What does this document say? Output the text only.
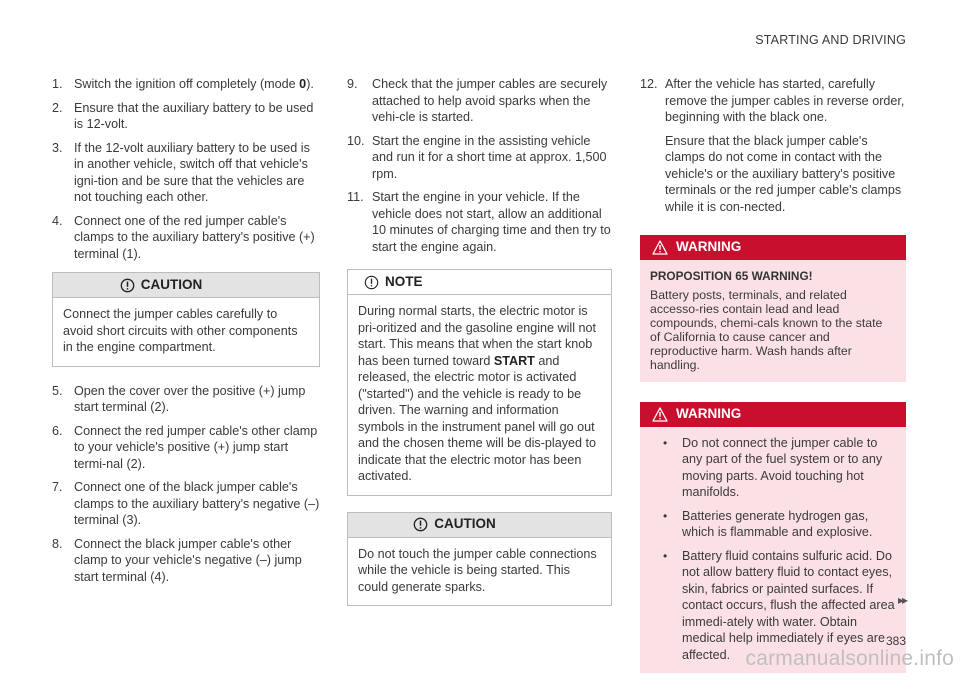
STARTING AND DRIVING
1. Switch the ignition off completely (mode 0).
2. Ensure that the auxiliary battery to be used is 12-volt.
3. If the 12-volt auxiliary battery to be used is in another vehicle, switch off that vehicle's igni-tion and be sure that the vehicles are not touching each other.
4. Connect one of the red jumper cable's clamps to the auxiliary battery's positive (+) terminal (1).
CAUTION
Connect the jumper cables carefully to avoid short circuits with other components in the engine compartment.
5. Open the cover over the positive (+) jump start terminal (2).
6. Connect the red jumper cable's other clamp to your vehicle's positive (+) jump start termi-nal (2).
7. Connect one of the black jumper cable's clamps to the auxiliary battery's negative (–) terminal (3).
8. Connect the black jumper cable's other clamp to your vehicle's negative (–) jump start terminal (4).
9. Check that the jumper cables are securely attached to help avoid sparks when the vehi-cle is started.
10. Start the engine in the assisting vehicle and run it for a short time at approx. 1,500 rpm.
11. Start the engine in your vehicle. If the vehicle does not start, allow an additional 10 minutes of charging time and then try to start the engine again.
NOTE
During normal starts, the electric motor is pri-oritized and the gasoline engine will not start. This means that when the start knob has been turned toward START and released, the electric motor is activated ("started") and the vehicle is ready to be driven. The warning and information symbols in the instrument panel will go out and the chosen theme will be dis-played to indicate that the electric motor has been activated.
CAUTION
Do not touch the jumper cable connections while the vehicle is being started. This could generate sparks.
12. After the vehicle has started, carefully remove the jumper cables in reverse order, beginning with the black one.
Ensure that the black jumper cable's clamps do not come in contact with the vehicle's or the auxiliary battery's positive terminals or the red jumper cable's clamps while it is con-nected.
WARNING
PROPOSITION 65 WARNING!
Battery posts, terminals, and related accesso-ries contain lead and lead compounds, chemi-cals known to the state of California to cause cancer and reproductive harm. Wash hands after handling.
WARNING
• Do not connect the jumper cable to any part of the fuel system or to any moving parts. Avoid touching hot manifolds.
• Batteries generate hydrogen gas, which is flammable and explosive.
• Battery fluid contains sulfuric acid. Do not allow battery fluid to contact eyes, skin, fabrics or painted surfaces. If contact occurs, flush the affected area immedi-ately with water. Obtain medical help immediately if eyes are affected.
▸▸
383
carmanualsonline.info
